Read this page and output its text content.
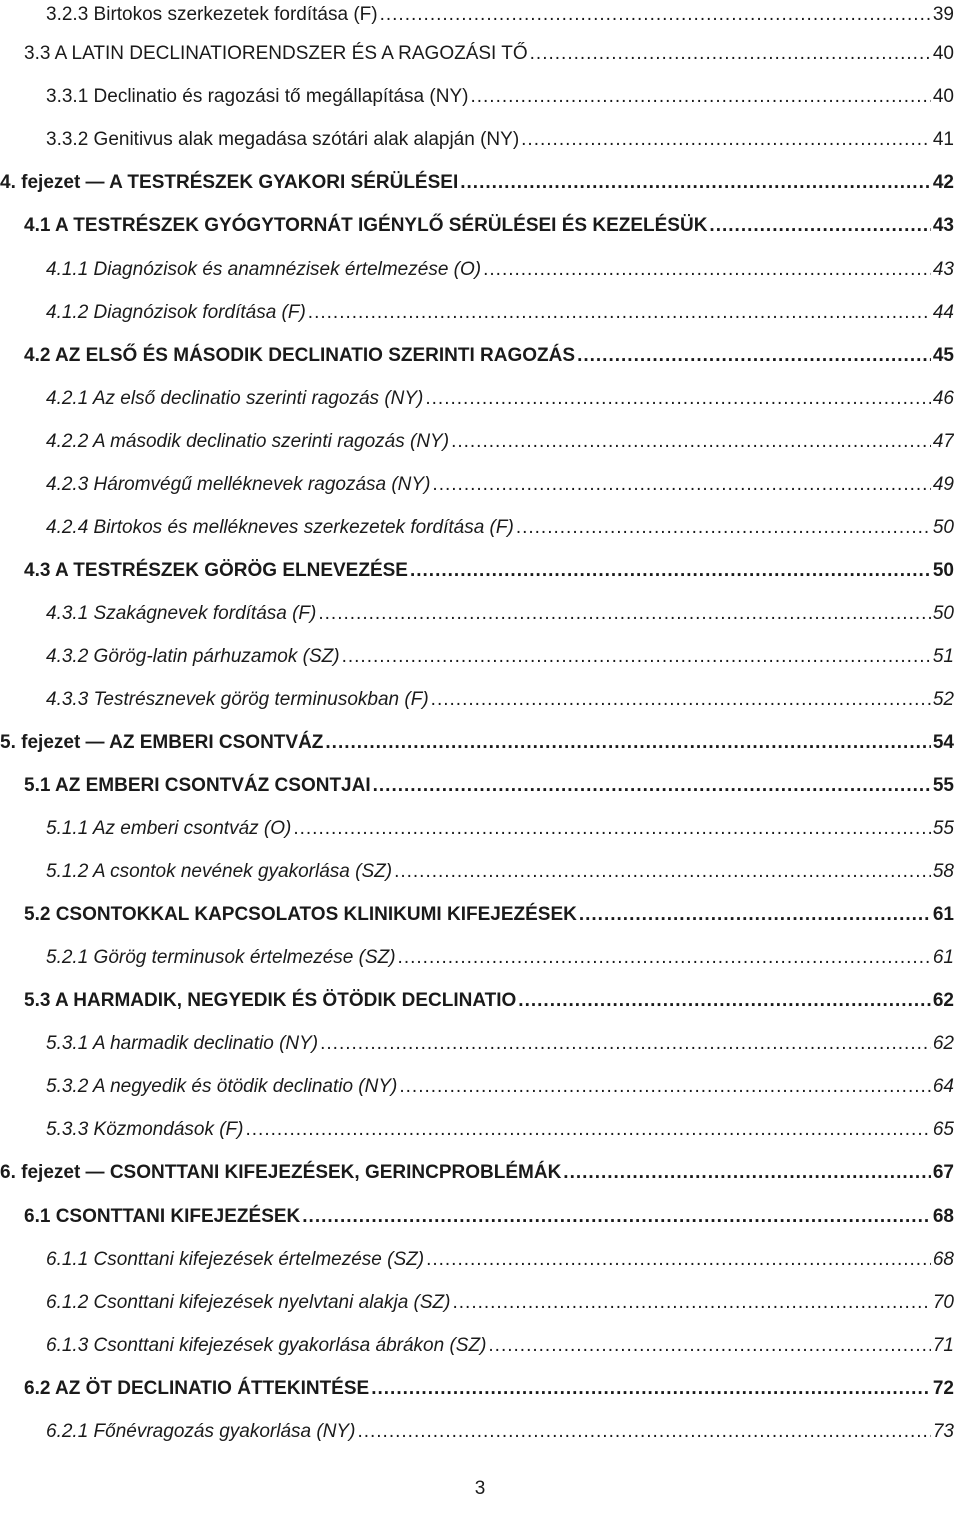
3.2.3 Birtokos szerkezetek fordítása (F) .....	39
3.3 A LATIN DECLINATIORENDSZER ÉS A RAGOZÁSI TŐ .....	40
3.3.1 Declinatio és ragozási tő megállapítása (NY) .....	40
3.3.2 Genitivus alak megadása szótári alak alapján (NY) .....	41
4. fejezet — A TESTRÉSZEK GYAKORI SÉRÜLÉSEI .....	42
4.1 A TESTRÉSZEK GYÓGYTORNÁT IGÉNYLŐ SÉRÜLÉSEI ÉS KEZELÉSÜK .....	43
4.1.1 Diagnózisok és anamnézisek értelmezése (O) .....	43
4.1.2 Diagnózisok fordítása (F) .....	44
4.2 AZ ELSŐ ÉS MÁSODIK DECLINATIO SZERINTI RAGOZÁS .....	45
4.2.1 Az első declinatio szerinti ragozás (NY) .....	46
4.2.2 A második declinatio szerinti ragozás (NY) .....	47
4.2.3 Háromvégű melléknevek ragozása (NY) .....	49
4.2.4 Birtokos és mellékneves szerkezetek fordítása (F) .....	50
4.3 A TESTRÉSZEK GÖRÖG ELNEVEZÉSE .....	50
4.3.1 Szakágnevek fordítása (F) .....	50
4.3.2 Görög-latin párhuzamok (SZ) .....	51
4.3.3 Testrésznevek görög terminusokban (F) .....	52
5. fejezet — AZ EMBERI CSONTVÁZ .....	54
5.1 AZ EMBERI CSONTVÁZ CSONTJAI .....	55
5.1.1 Az emberi csontváz (O) .....	55
5.1.2 A csontok nevének gyakorlása (SZ) .....	58
5.2 CSONTOKKAL KAPCSOLATOS KLINIKUMI KIFEJEZÉSEK .....	61
5.2.1 Görög terminusok értelmezése (SZ) .....	61
5.3 A HARMADIK, NEGYEDIK ÉS ÖTÖDIK DECLINATIO .....	62
5.3.1 A harmadik declinatio (NY) .....	62
5.3.2 A negyedik és ötödik declinatio (NY) .....	64
5.3.3 Közmondások (F) .....	65
6. fejezet — CSONTTANI KIFEJEZÉSEK, GERINCPROBLÉMÁK .....	67
6.1 CSONTTANI KIFEJEZÉSEK .....	68
6.1.1 Csonttani kifejezések értelmezése (SZ) .....	68
6.1.2 Csonttani kifejezések nyelvtani alakja (SZ) .....	70
6.1.3 Csonttani kifejezések gyakorlása ábrákon (SZ) .....	71
6.2 AZ ÖT DECLINATIO ÁTTEKINTÉSE .....	72
6.2.1 Főnévragozás gyakorlása (NY) .....	73
3
